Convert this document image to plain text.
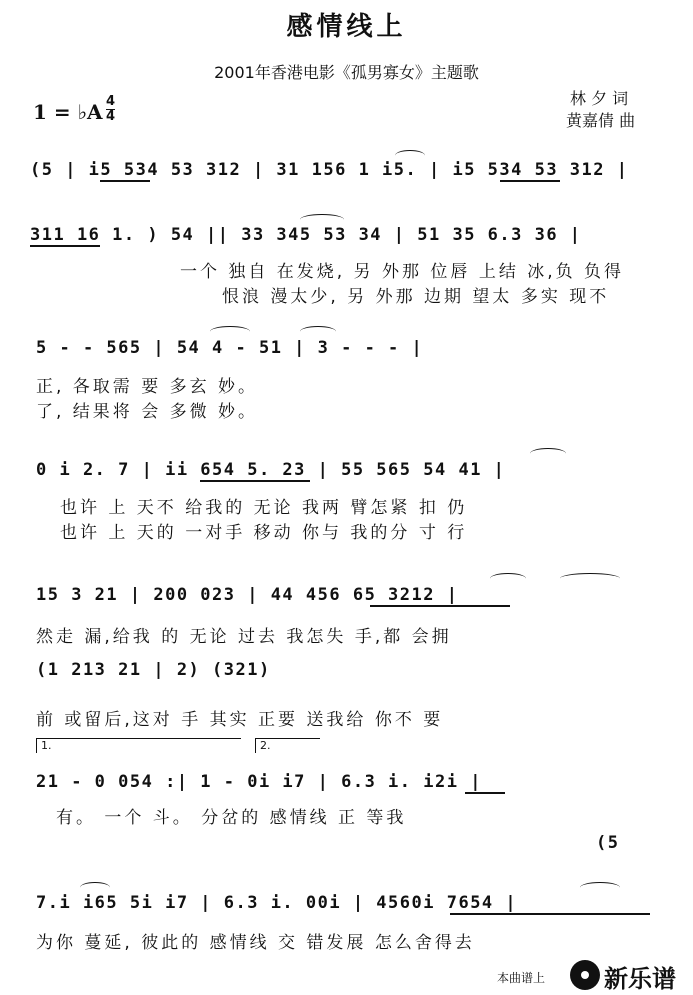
感情线上
2001年香港电影《孤男寡女》主题歌
1 = ♭A 4
4
林 夕 词
黄嘉倩 曲
(5 | i5 534 53 312 | 31 156 1 i5. | i5 534 53 312 |
311 16 1. ) 54 || 33 345 53 34 | 51 35 6.3 36 |
一个 独自 在发烧, 另 外那 位唇 上结 冰,负 负得
恨浪 漫太少, 另 外那 边期 望太 多实 现不
5 - - 565 | 54 4 - 51 | 3 - - - |
正, 各取需 要 多玄 妙。
了, 结果将 会 多微 妙。
0 i 2. 7 | ii 654 5. 23 | 55 565 54 41 |
也许 上 天不 给我的 无论 我两 臂怎紧 扣 仍
也许 上 天的 一对手 移动 你与 我的分 寸 行
15 3 21 | 200 023 | 44 456 65 3212 |
然走 漏,给我 的 无论 过去 我怎失 手,都 会拥
(1 213 21 | 2) (321)
前 或留后,这对 手 其实 正要 送我给 你不 要
1.	2.
21 - 0 054 :| 1 - 0i i7 | 6.3 i. i2i |
有。 一个 斗。 分岔的 感情线 正 等我
(5
7.i i65 5i i7 | 6.3 i. 00i | 4560i 7654 |
为你 蔓延, 彼此的 感情线 交 错发展 怎么舍得去
本曲谱上 新乐谱
